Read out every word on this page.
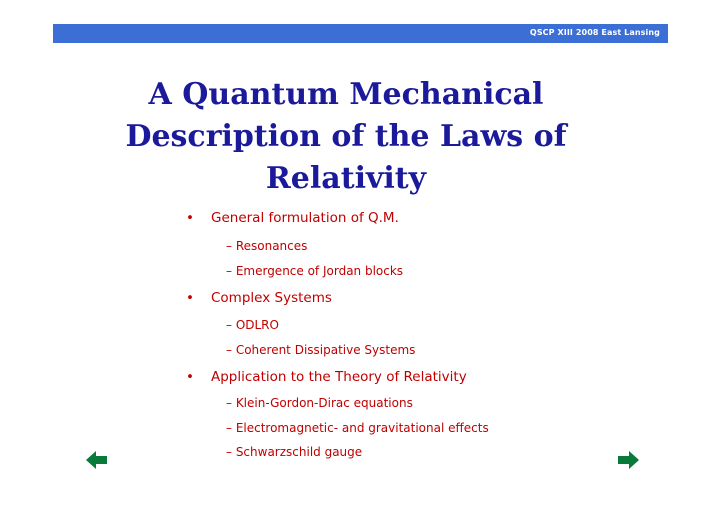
QSCP XIII 2008 East Lansing
A Quantum Mechanical
Description of the Laws of
Relativity
• General formulation of Q.M.
– Resonances
– Emergence of Jordan blocks
• Complex Systems
– ODLRO
– Coherent Dissipative Systems
• Application to the Theory of Relativity
– Klein-Gordon-Dirac equations
– Electromagnetic- and gravitational effects
– Schwarzschild gauge
